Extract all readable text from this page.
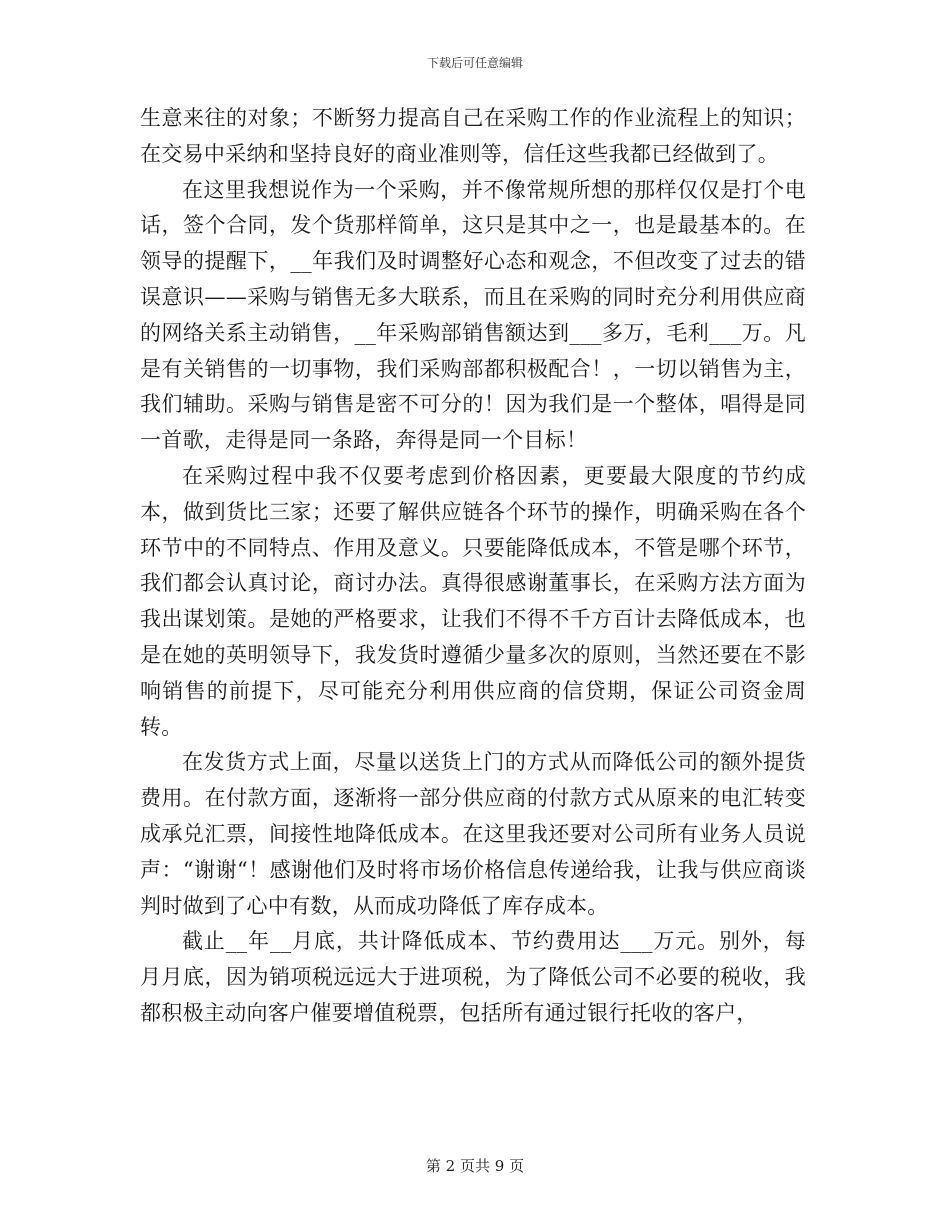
下载后可任意编辑

生意来往的对象；不断努力提高自己在采购工作的作业流程上的知识；在交易中采纳和坚持良好的商业准则等，信任这些我都已经做到了。

在这里我想说作为一个采购，并不像常规所想的那样仅仅是打个电话，签个合同，发个货那样简单，这只是其中之一，也是最基本的。在领导的提醒下，__年我们及时调整好心态和观念，不但改变了过去的错误意识——采购与销售无多大联系，而且在采购的同时充分利用供应商的网络关系主动销售，__年采购部销售额达到___多万，毛利___万。凡是有关销售的一切事物，我们采购部都积极配合！，一切以销售为主，我们辅助。采购与销售是密不可分的！因为我们是一个整体，唱得是同一首歌，走得是同一条路，奔得是同一个目标！

在采购过程中我不仅要考虑到价格因素，更要最大限度的节约成本，做到货比三家；还要了解供应链各个环节的操作，明确采购在各个环节中的不同特点、作用及意义。只要能降低成本，不管是哪个环节，我们都会认真讨论，商讨办法。真得很感谢董事长，在采购方法方面为我出谋划策。是她的严格要求，让我们不得不千方百计去降低成本，也是在她的英明领导下，我发货时遵循少量多次的原则，当然还要在不影响销售的前提下，尽可能充分利用供应商的信贷期，保证公司资金周转。

在发货方式上面，尽量以送货上门的方式从而降低公司的额外提货费用。在付款方面，逐渐将一部分供应商的付款方式从原来的电汇转变成承兑汇票，间接性地降低成本。在这里我还要对公司所有业务人员说声：“谢谢“！感谢他们及时将市场价格信息传递给我，让我与供应商谈判时做到了心中有数，从而成功降低了库存成本。

截止__年__月底，共计降低成本、节约费用达___万元。别外，每月月底，因为销项税远远大于进项税，为了降低公司不必要的税收，我都积极主动向客户催要增值税票，包括所有通过银行托收的客户，

第 2 页共 9 页
